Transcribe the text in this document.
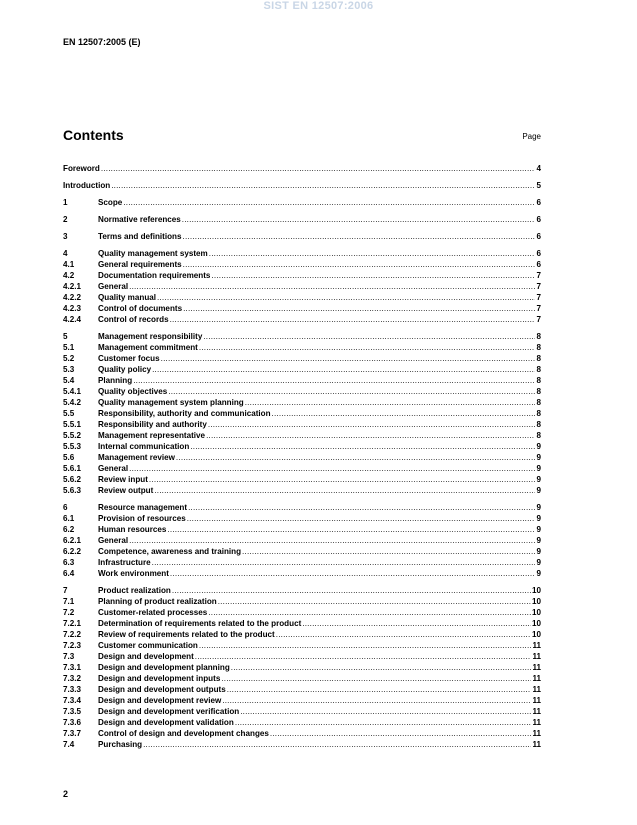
SIST EN 12507:2006
EN 12507:2005 (E)
Contents	Page
Foreword .....	4
Introduction .....	5
1	Scope .....	6
2	Normative references .....	6
3	Terms and definitions .....	6
4	Quality management system .....	6
4.1	General requirements .....	6
4.2	Documentation requirements .....	7
4.2.1	General .....	7
4.2.2	Quality manual .....	7
4.2.3	Control of documents .....	7
4.2.4	Control of records .....	7
5	Management responsibility .....	8
5.1	Management commitment .....	8
5.2	Customer focus .....	8
5.3	Quality policy .....	8
5.4	Planning .....	8
5.4.1	Quality objectives .....	8
5.4.2	Quality management system planning .....	8
5.5	Responsibility, authority and communication .....	8
5.5.1	Responsibility and authority .....	8
5.5.2	Management representative .....	8
5.5.3	Internal communication .....	9
5.6	Management review .....	9
5.6.1	General .....	9
5.6.2	Review input .....	9
5.6.3	Review output .....	9
6	Resource management .....	9
6.1	Provision of resources .....	9
6.2	Human resources .....	9
6.2.1	General .....	9
6.2.2	Competence, awareness and training .....	9
6.3	Infrastructure .....	9
6.4	Work environment .....	9
7	Product realization .....	10
7.1	Planning of product realization .....	10
7.2	Customer-related processes .....	10
7.2.1	Determination of requirements related to the product .....	10
7.2.2	Review of requirements related to the product .....	10
7.2.3	Customer communication .....	11
7.3	Design and development .....	11
7.3.1	Design and development planning .....	11
7.3.2	Design and development inputs .....	11
7.3.3	Design and development outputs .....	11
7.3.4	Design and development review .....	11
7.3.5	Design and development verification .....	11
7.3.6	Design and development validation .....	11
7.3.7	Control of design and development changes .....	11
7.4	Purchasing .....	11
2
